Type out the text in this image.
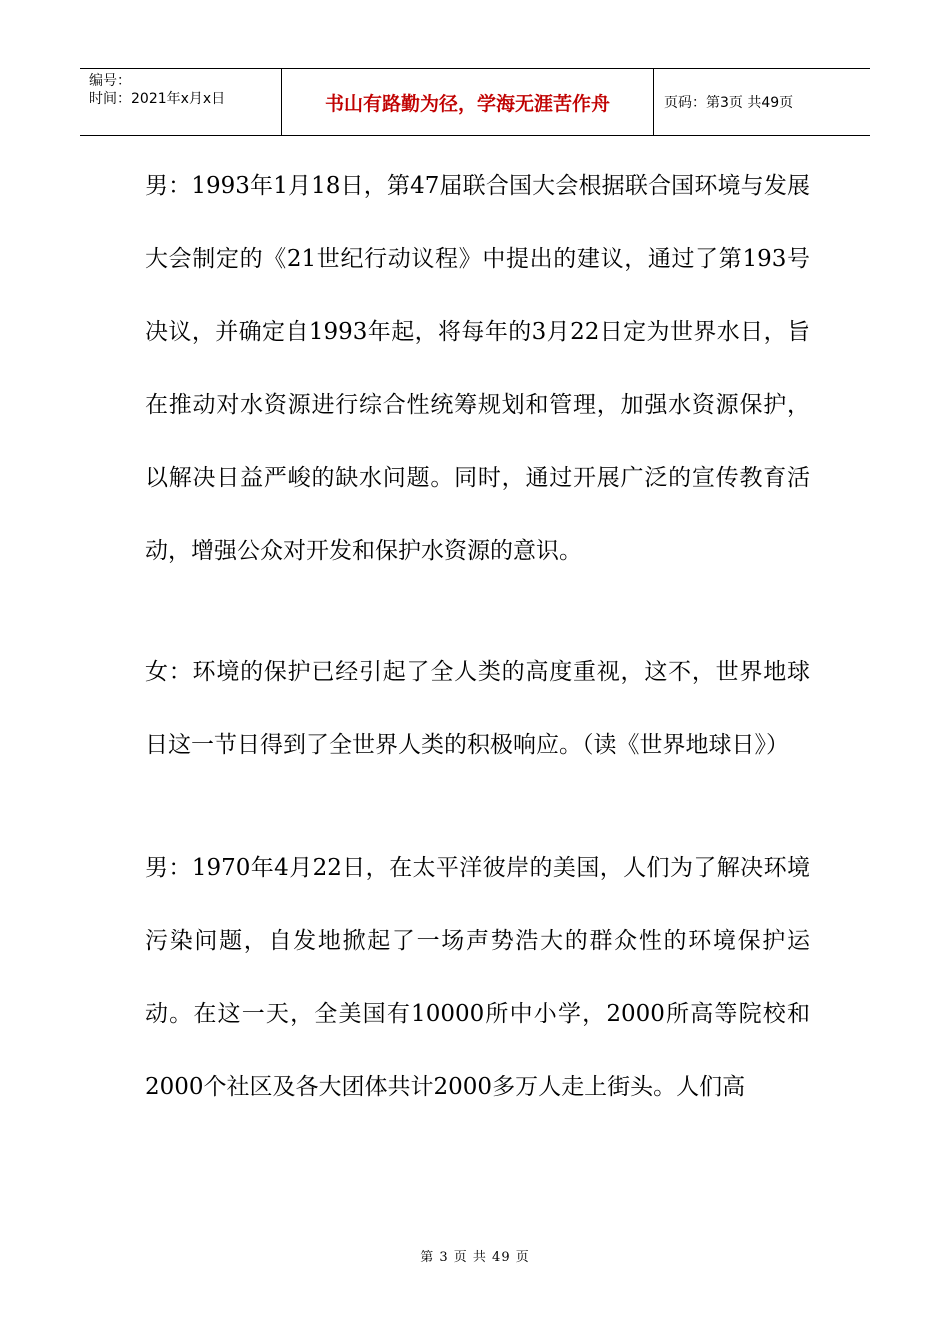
编号：
时间：2021年x月x日	书山有路勤为径，学海无涯苦作舟	页码：第3页 共49页

男：1993年1月18日，第47届联合国大会根据联合国环境与发展大会制定的《21世纪行动议程》中提出的建议，通过了第193号决议，并确定自1993年起，将每年的3月22日定为世界水日，旨在推动对水资源进行综合性统筹规划和管理，加强水资源保护，以解决日益严峻的缺水问题。同时，通过开展广泛的宣传教育活动，增强公众对开发和保护水资源的意识。

女：环境的保护已经引起了全人类的高度重视，这不，世界地球日这一节日得到了全世界人类的积极响应。（读《世界地球日》）

男：1970年4月22日，在太平洋彼岸的美国，人们为了解决环境污染问题，自发地掀起了一场声势浩大的群众性的环境保护运动。在这一天，全美国有10000所中小学，2000所高等院校和2000个社区及各大团体共计2000多万人走上街头。人们高

第 3 页 共 49 页
